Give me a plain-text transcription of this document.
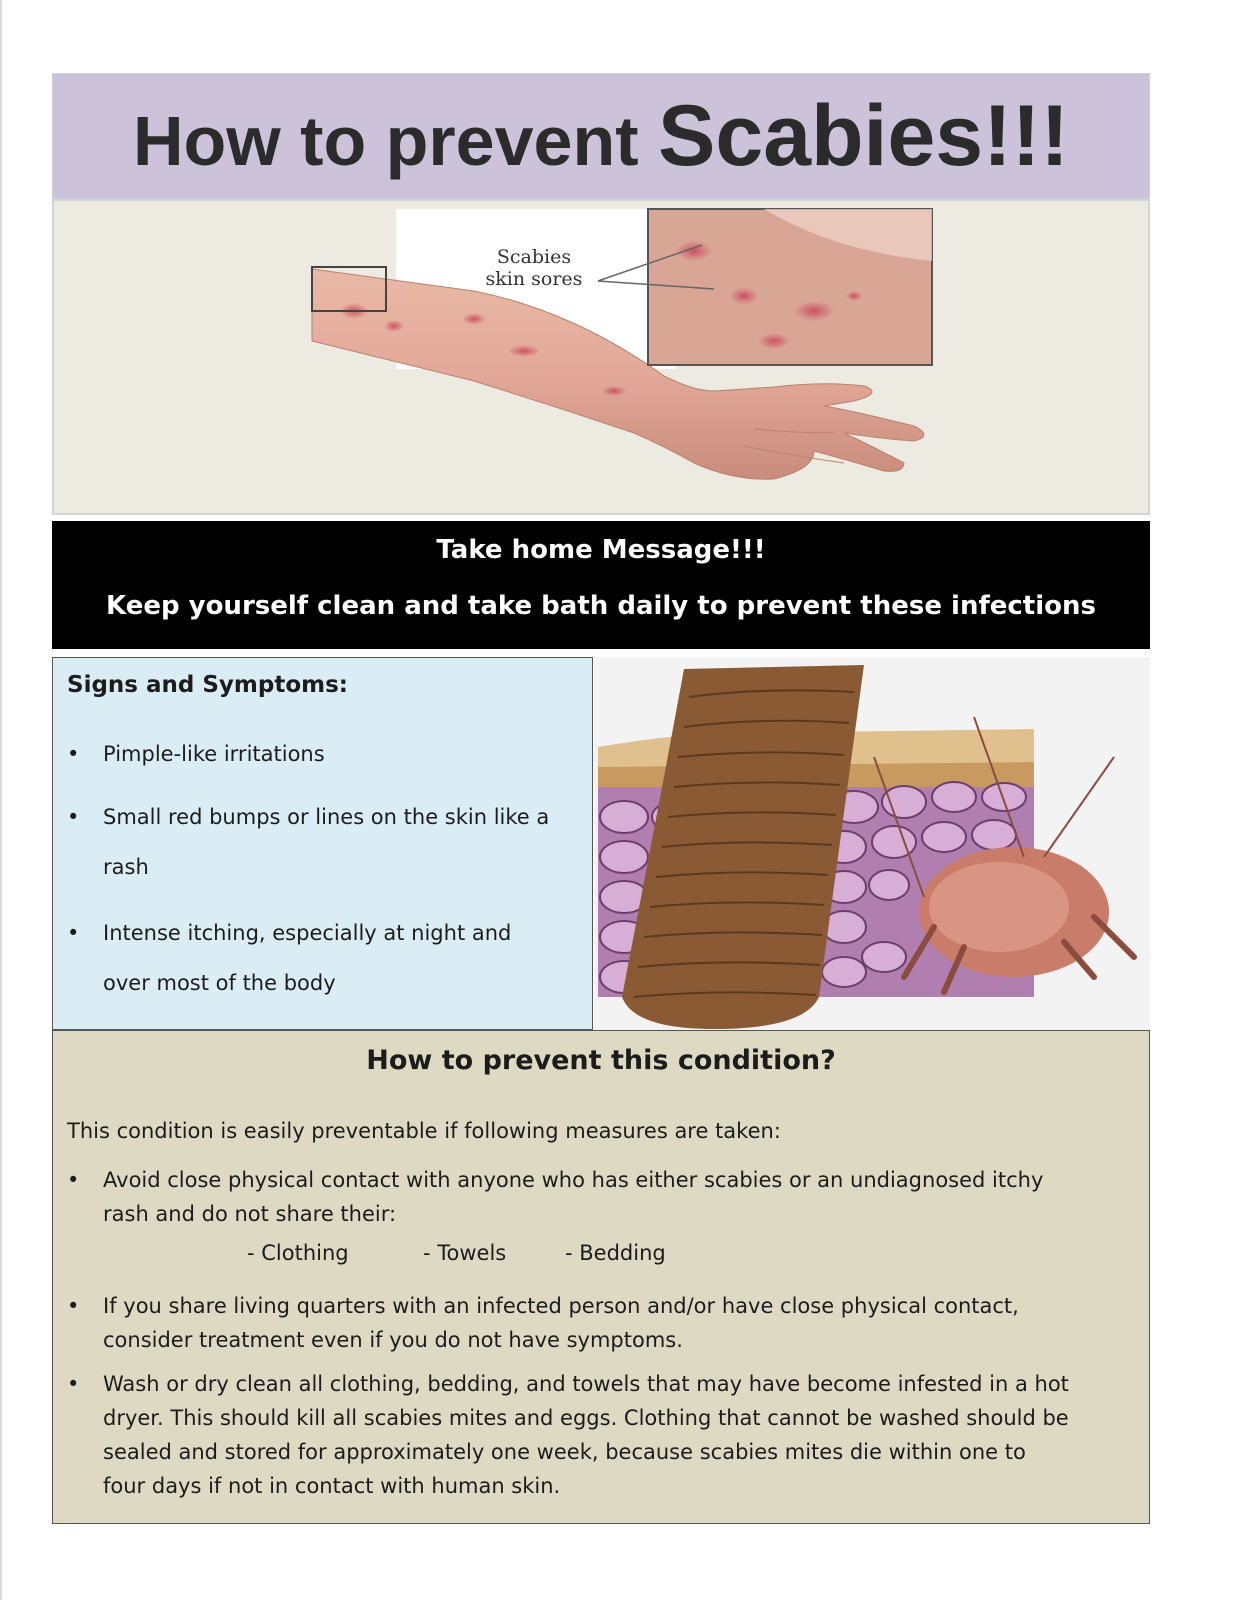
How to prevent Scabies!!!
Scabies
skin sores
Take home Message!!!
Keep yourself clean and take bath daily to prevent these infections
Signs and Symptoms:
• Pimple-like irritations
• Small red bumps or lines on the skin like a
rash
• Intense itching, especially at night and
over most of the body
How to prevent this condition?
This condition is easily preventable if following measures are taken:
• Avoid close physical contact with anyone who has either scabies or an undiagnosed itchy
rash and do not share their:
- Clothing	- Towels	- Bedding
• If you share living quarters with an infected person and/or have close physical contact,
consider treatment even if you do not have symptoms.
• Wash or dry clean all clothing, bedding, and towels that may have become infested in a hot
dryer. This should kill all scabies mites and eggs. Clothing that cannot be washed should be
sealed and stored for approximately one week, because scabies mites die within one to
four days if not in contact with human skin.
